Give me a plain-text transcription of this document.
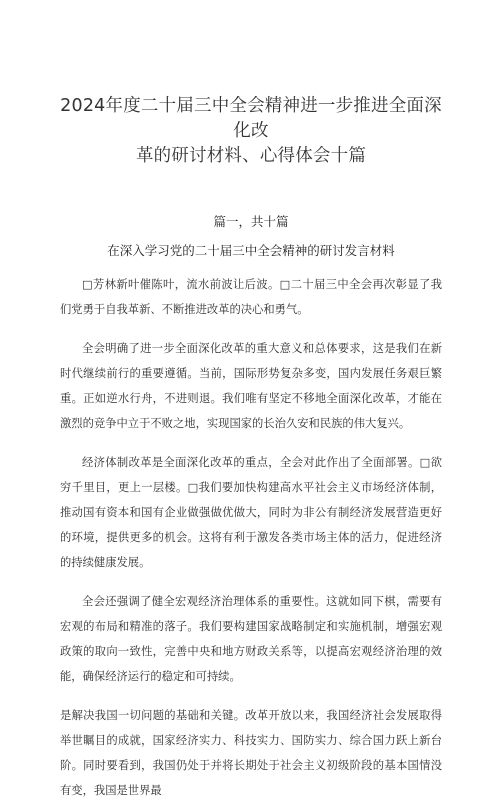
2024年度二十届三中全会精神进一步推进全面深化改
革的研讨材料、心得体会十篇
篇一，共十篇
在深入学习党的二十届三中全会精神的研讨发言材料

□芳林新叶催陈叶，流水前波让后波。□二十届三中全会再次彰显了我们党勇于自我革新、不断推进改革的决心和勇气。

全会明确了进一步全面深化改革的重大意义和总体要求，这是我们在新时代继续前行的重要遵循。当前，国际形势复杂多变，国内发展任务艰巨繁重。正如逆水行舟，不进则退。我们唯有坚定不移地全面深化改革，才能在激烈的竞争中立于不败之地，实现国家的长治久安和民族的伟大复兴。

经济体制改革是全面深化改革的重点，全会对此作出了全面部署。□欲穷千里目，更上一层楼。□我们要加快构建高水平社会主义市场经济体制，推动国有资本和国有企业做强做优做大，同时为非公有制经济发展营造更好的环境，提供更多的机会。这将有利于激发各类市场主体的活力，促进经济的持续健康发展。

全会还强调了健全宏观经济治理体系的重要性。这就如同下棋，需要有宏观的布局和精准的落子。我们要构建国家战略制定和实施机制，增强宏观政策的取向一致性，完善中央和地方财政关系等，以提高宏观经济治理的效能，确保经济运行的稳定和可持续。

是解决我国一切问题的基础和关键。改革开放以来，我国经济社会发展取得举世瞩目的成就，国家经济实力、科技实力、国防实力、综合国力跃上新台阶。同时要看到，我国仍处于并将长期处于社会主义初级阶段的基本国情没有变，我国是世界最
